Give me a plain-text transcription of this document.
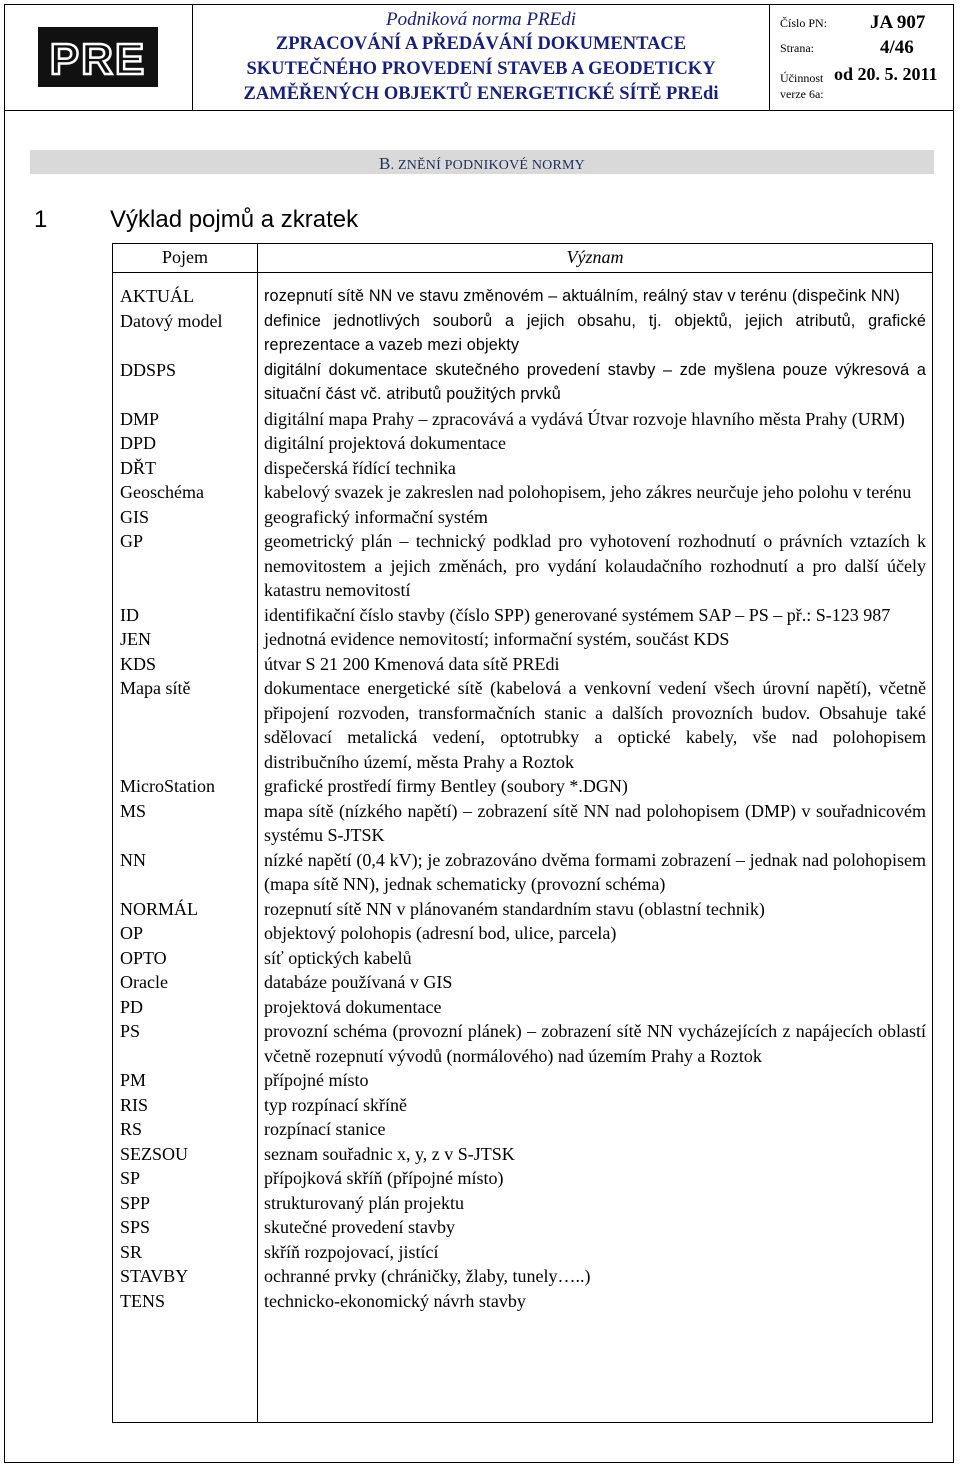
PRE
Podniková norma PREdi
ZPRACOVÁNÍ A PŘEDÁVÁNÍ DOKUMENTACE
SKUTEČNÉHO PROVEDENÍ STAVEB A GEODETICKY
ZAMĚŘENÝCH OBJEKTŮ ENERGETICKÉ SÍTĚ PREdi
Číslo PN: JA 907
Strana:	4/46
Účinnost od 20. 5. 2011
verze 6a:
B. ZNĚNÍ PODNIKOVÉ NORMY
1	Výklad pojmů a zkratek
Pojem	Význam
AKTUÁL	rozepnutí sítě NN ve stavu změnovém – aktuálním, reálný stav v terénu (dispečink NN)
Datový model	definice jednotlivých souborů a jejich obsahu, tj. objektů, jejich atributů, grafické reprezentace a vazeb mezi objekty
DDSPS	digitální dokumentace skutečného provedení stavby – zde myšlena pouze výkresová a situační část vč. atributů použitých prvků
DMP	digitální mapa Prahy – zpracovává a vydává Útvar rozvoje hlavního města Prahy (URM)
DPD	digitální projektová dokumentace
DŘT	dispečerská řídící technika
Geoschéma	kabelový svazek je zakreslen nad polohopisem, jeho zákres neurčuje jeho polohu v terénu
GIS	geografický informační systém
GP	geometrický plán – technický podklad pro vyhotovení rozhodnutí o právních vztazích k nemovitostem a jejich změnách, pro vydání kolaudačního rozhodnutí a pro další účely katastru nemovitostí
ID	identifikační číslo stavby (číslo SPP) generované systémem SAP – PS – př.: S-123 987
JEN	jednotná evidence nemovitostí; informační systém, součást KDS
KDS	útvar S 21 200 Kmenová data sítě PREdi
Mapa sítě	dokumentace energetické sítě (kabelová a venkovní vedení všech úrovní napětí), včetně připojení rozvoden, transformačních stanic a dalších provozních budov. Obsahuje také sdělovací metalická vedení, optotrubky a optické kabely, vše nad polohopisem distribučního území, města Prahy a Roztok
MicroStation	grafické prostředí firmy Bentley (soubory *.DGN)
MS	mapa sítě (nízkého napětí) – zobrazení sítě NN nad polohopisem (DMP) v souřadnicovém systému S-JTSK
NN	nízké napětí (0,4 kV); je zobrazováno dvěma formami zobrazení – jednak nad polohopisem (mapa sítě NN), jednak schematicky (provozní schéma)
NORMÁL	rozepnutí sítě NN v plánovaném standardním stavu (oblastní technik)
OP	objektový polohopis (adresní bod, ulice, parcela)
OPTO	síť optických kabelů
Oracle	databáze používaná v GIS
PD	projektová dokumentace
PS	provozní schéma (provozní plánek) – zobrazení sítě NN vycházejících z napájecích oblastí včetně rozepnutí vývodů (normálového) nad územím Prahy a Roztok
PM	přípojné místo
RIS	typ rozpínací skříně
RS	rozpínací stanice
SEZSOU	seznam souřadnic x, y, z v S-JTSK
SP	přípojková skříň (přípojné místo)
SPP	strukturovaný plán projektu
SPS	skutečné provedení stavby
SR	skříň rozpojovací, jistící
STAVBY	ochranné prvky (chráničky, žlaby, tunely…..)
TENS	technicko-ekonomický návrh stavby
